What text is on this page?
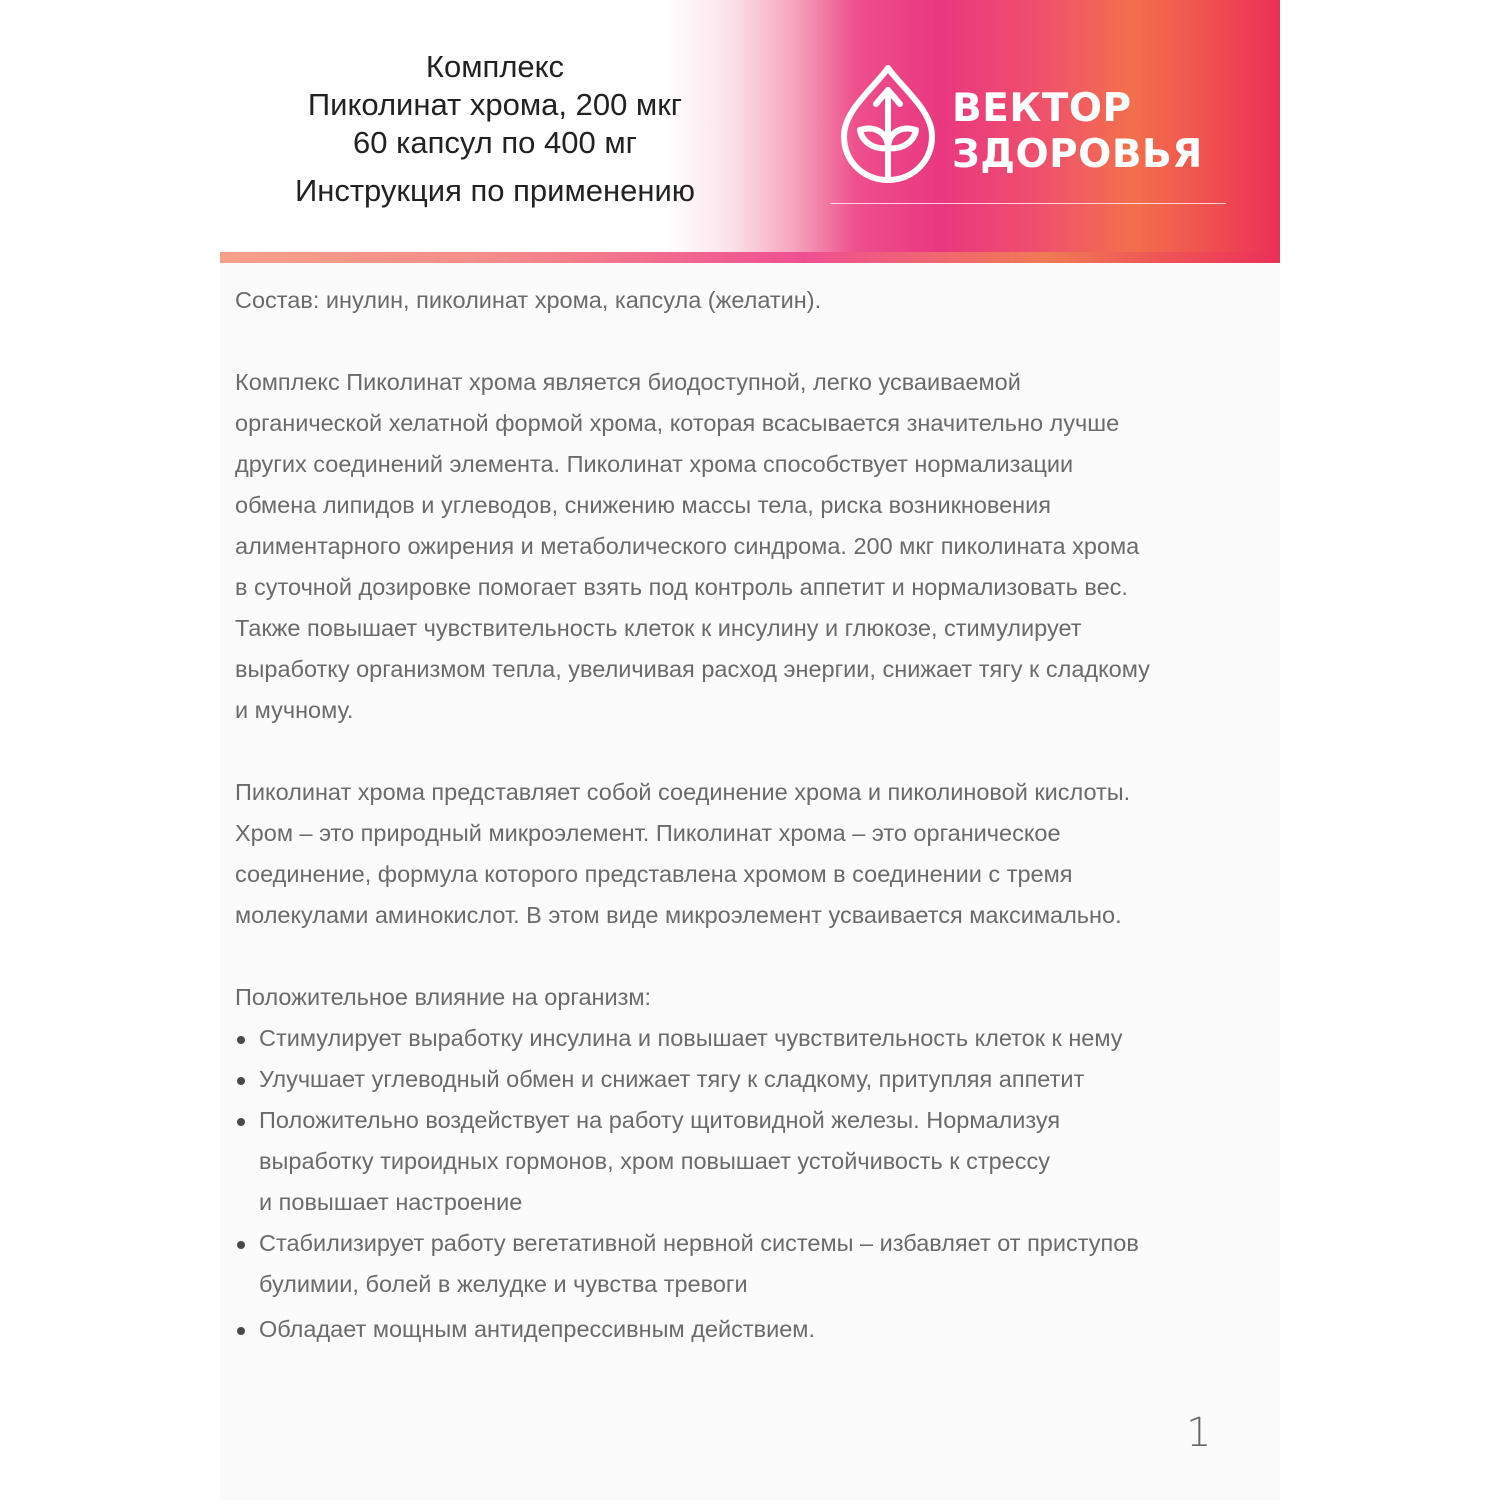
Комплекс
Пиколинат хрома, 200 мкг
60 капсул по 400 мг
Инструкция по применению
ВЕКТОР
ЗДОРОВЬЯ

Состав: инулин, пиколинат хрома, капсула (желатин).

Комплекс Пиколинат хрома является биодоступной, легко усваиваемой

органической хелатной формой хрома, которая всасывается значительно лучше

других соединений элемента. Пиколинат хрома способствует нормализации

обмена липидов и углеводов, снижению массы тела, риска возникновения

алиментарного ожирения и метаболического синдрома. 200 мкг пиколината хрома

в суточной дозировке помогает взять под контроль аппетит и нормализовать вес.

Также повышает чувствительность клеток к инсулину и глюкозе, стимулирует

выработку организмом тепла, увеличивая расход энергии, снижает тягу к сладкому

и мучному.

Пиколинат хрома представляет собой соединение хрома и пиколиновой кислоты.

Хром – это природный микроэлемент. Пиколинат хрома – это органическое

соединение, формула которого представлена хромом в соединении с тремя

молекулами аминокислот. В этом виде микроэлемент усваивается максимально.

Положительное влияние на организм:

Стимулирует выработку инсулина и повышает чувствительность клеток к нему
Улучшает углеводный обмен и снижает тягу к сладкому, притупляя аппетит
Положительно воздействует на работу щитовидной железы. Нормализуя
выработку тироидных гормонов, хром повышает устойчивость к стрессу
и повышает настроение
Стабилизирует работу вегетативной нервной системы – избавляет от приступов
булимии, болей в желудке и чувства тревоги
Обладает мощным антидепрессивным действием.
1
